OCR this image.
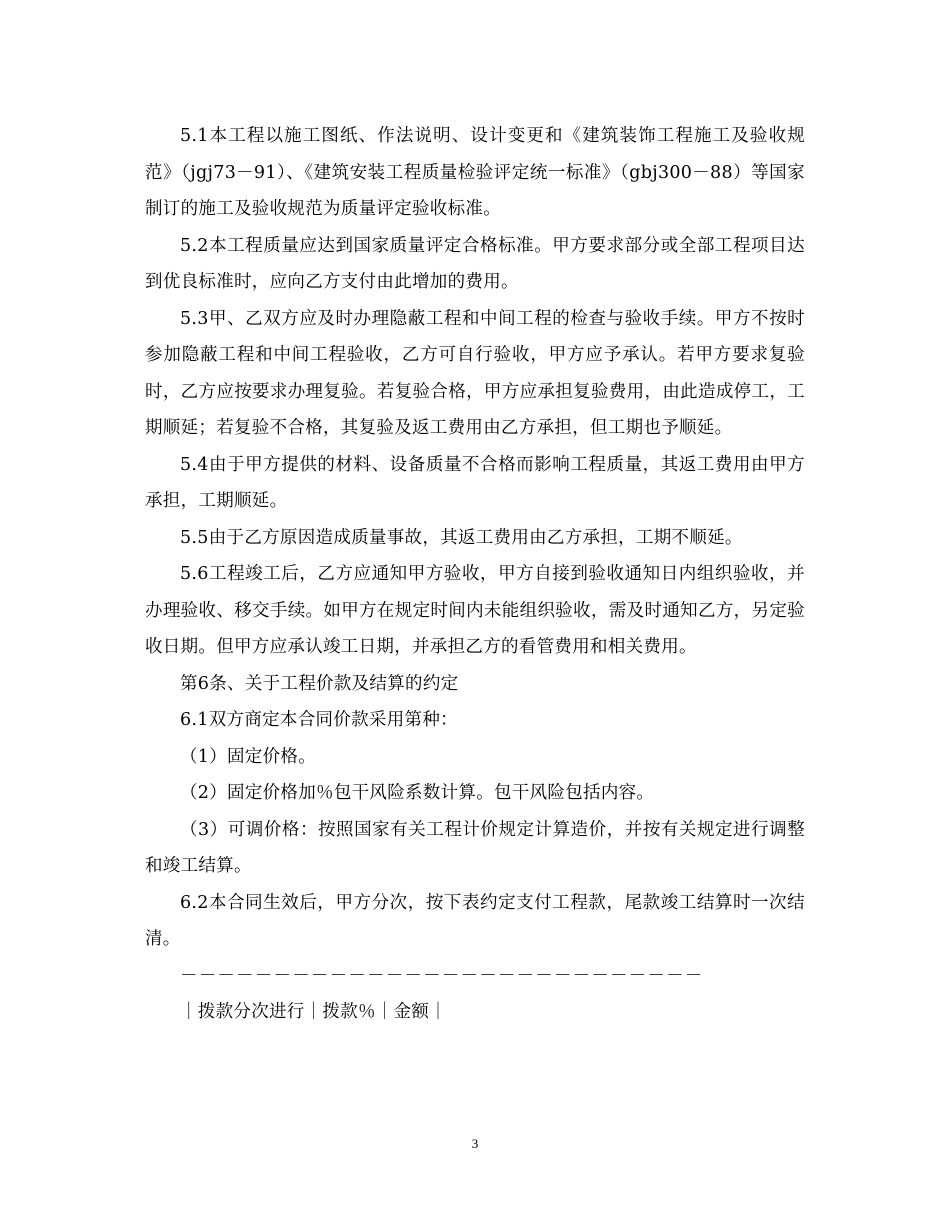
5.1本工程以施工图纸、作法说明、设计变更和《建筑装饰工程施工及验收规范》（jgj73－91）、《建筑安装工程质量检验评定统一标准》（gbj300－88）等国家制订的施工及验收规范为质量评定验收标准。

5.2本工程质量应达到国家质量评定合格标准。甲方要求部分或全部工程项目达到优良标准时，应向乙方支付由此增加的费用。

5.3甲、乙双方应及时办理隐蔽工程和中间工程的检查与验收手续。甲方不按时参加隐蔽工程和中间工程验收，乙方可自行验收，甲方应予承认。若甲方要求复验时，乙方应按要求办理复验。若复验合格，甲方应承担复验费用，由此造成停工，工期顺延；若复验不合格，其复验及返工费用由乙方承担，但工期也予顺延。

5.4由于甲方提供的材料、设备质量不合格而影响工程质量，其返工费用由甲方承担，工期顺延。

5.5由于乙方原因造成质量事故，其返工费用由乙方承担，工期不顺延。

5.6工程竣工后，乙方应通知甲方验收，甲方自接到验收通知日内组织验收，并办理验收、移交手续。如甲方在规定时间内未能组织验收，需及时通知乙方，另定验收日期。但甲方应承认竣工日期，并承担乙方的看管费用和相关费用。

第6条、关于工程价款及结算的约定

6.1双方商定本合同价款采用第种：

（1）固定价格。

（2）固定价格加％包干风险系数计算。包干风险包括内容。

（3）可调价格：按照国家有关工程计价规定计算造价，并按有关规定进行调整和竣工结算。

6.2本合同生效后，甲方分次，按下表约定支付工程款，尾款竣工结算时一次结清。

－－－－－－－－－－－－－－－－－－－－－－－－－－－－

｜拨款分次进行｜拨款％｜金额｜

3
